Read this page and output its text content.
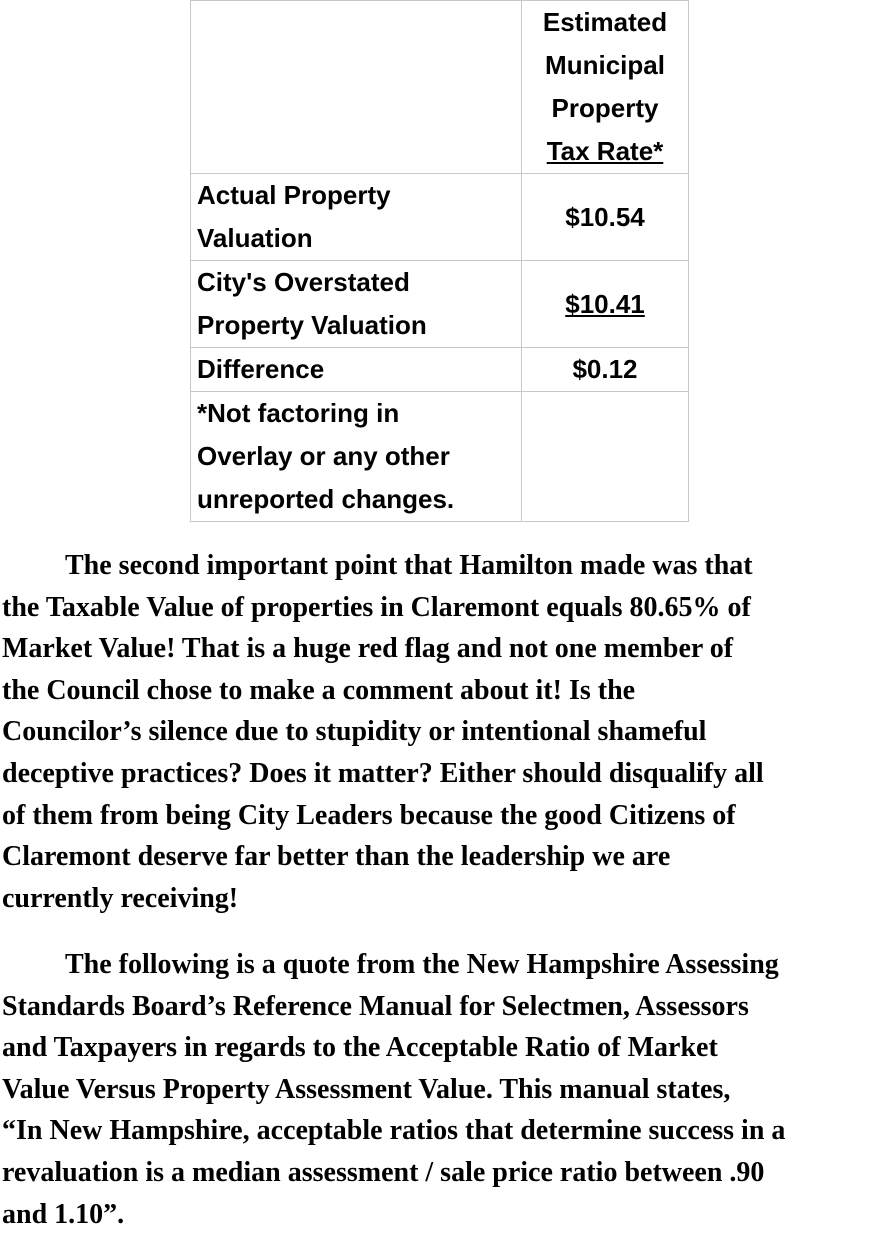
	Estimated
Municipal
Property
Tax Rate*

Actual Property
Valuation	$10.54

City's Overstated
Property Valuation	$10.41
Difference	$0.12

*Not factoring in
Overlay or any other
unreported changes.	

The second important point that Hamilton made was that
the Taxable Value of properties in Claremont equals 80.65% of
Market Value! That is a huge red flag and not one member of
the Council chose to make a comment about it! Is the
Councilor’s silence due to stupidity or intentional shameful
deceptive practices? Does it matter? Either should disqualify all
of them from being City Leaders because the good Citizens of
Claremont deserve far better than the leadership we are
currently receiving!
The following is a quote from the New Hampshire Assessing
Standards Board’s Reference Manual for Selectmen, Assessors
and Taxpayers in regards to the Acceptable Ratio of Market
Value Versus Property Assessment Value. This manual states,
“In New Hampshire, acceptable ratios that determine success in a
revaluation is a median assessment / sale price ratio between .90
and 1.10”.
